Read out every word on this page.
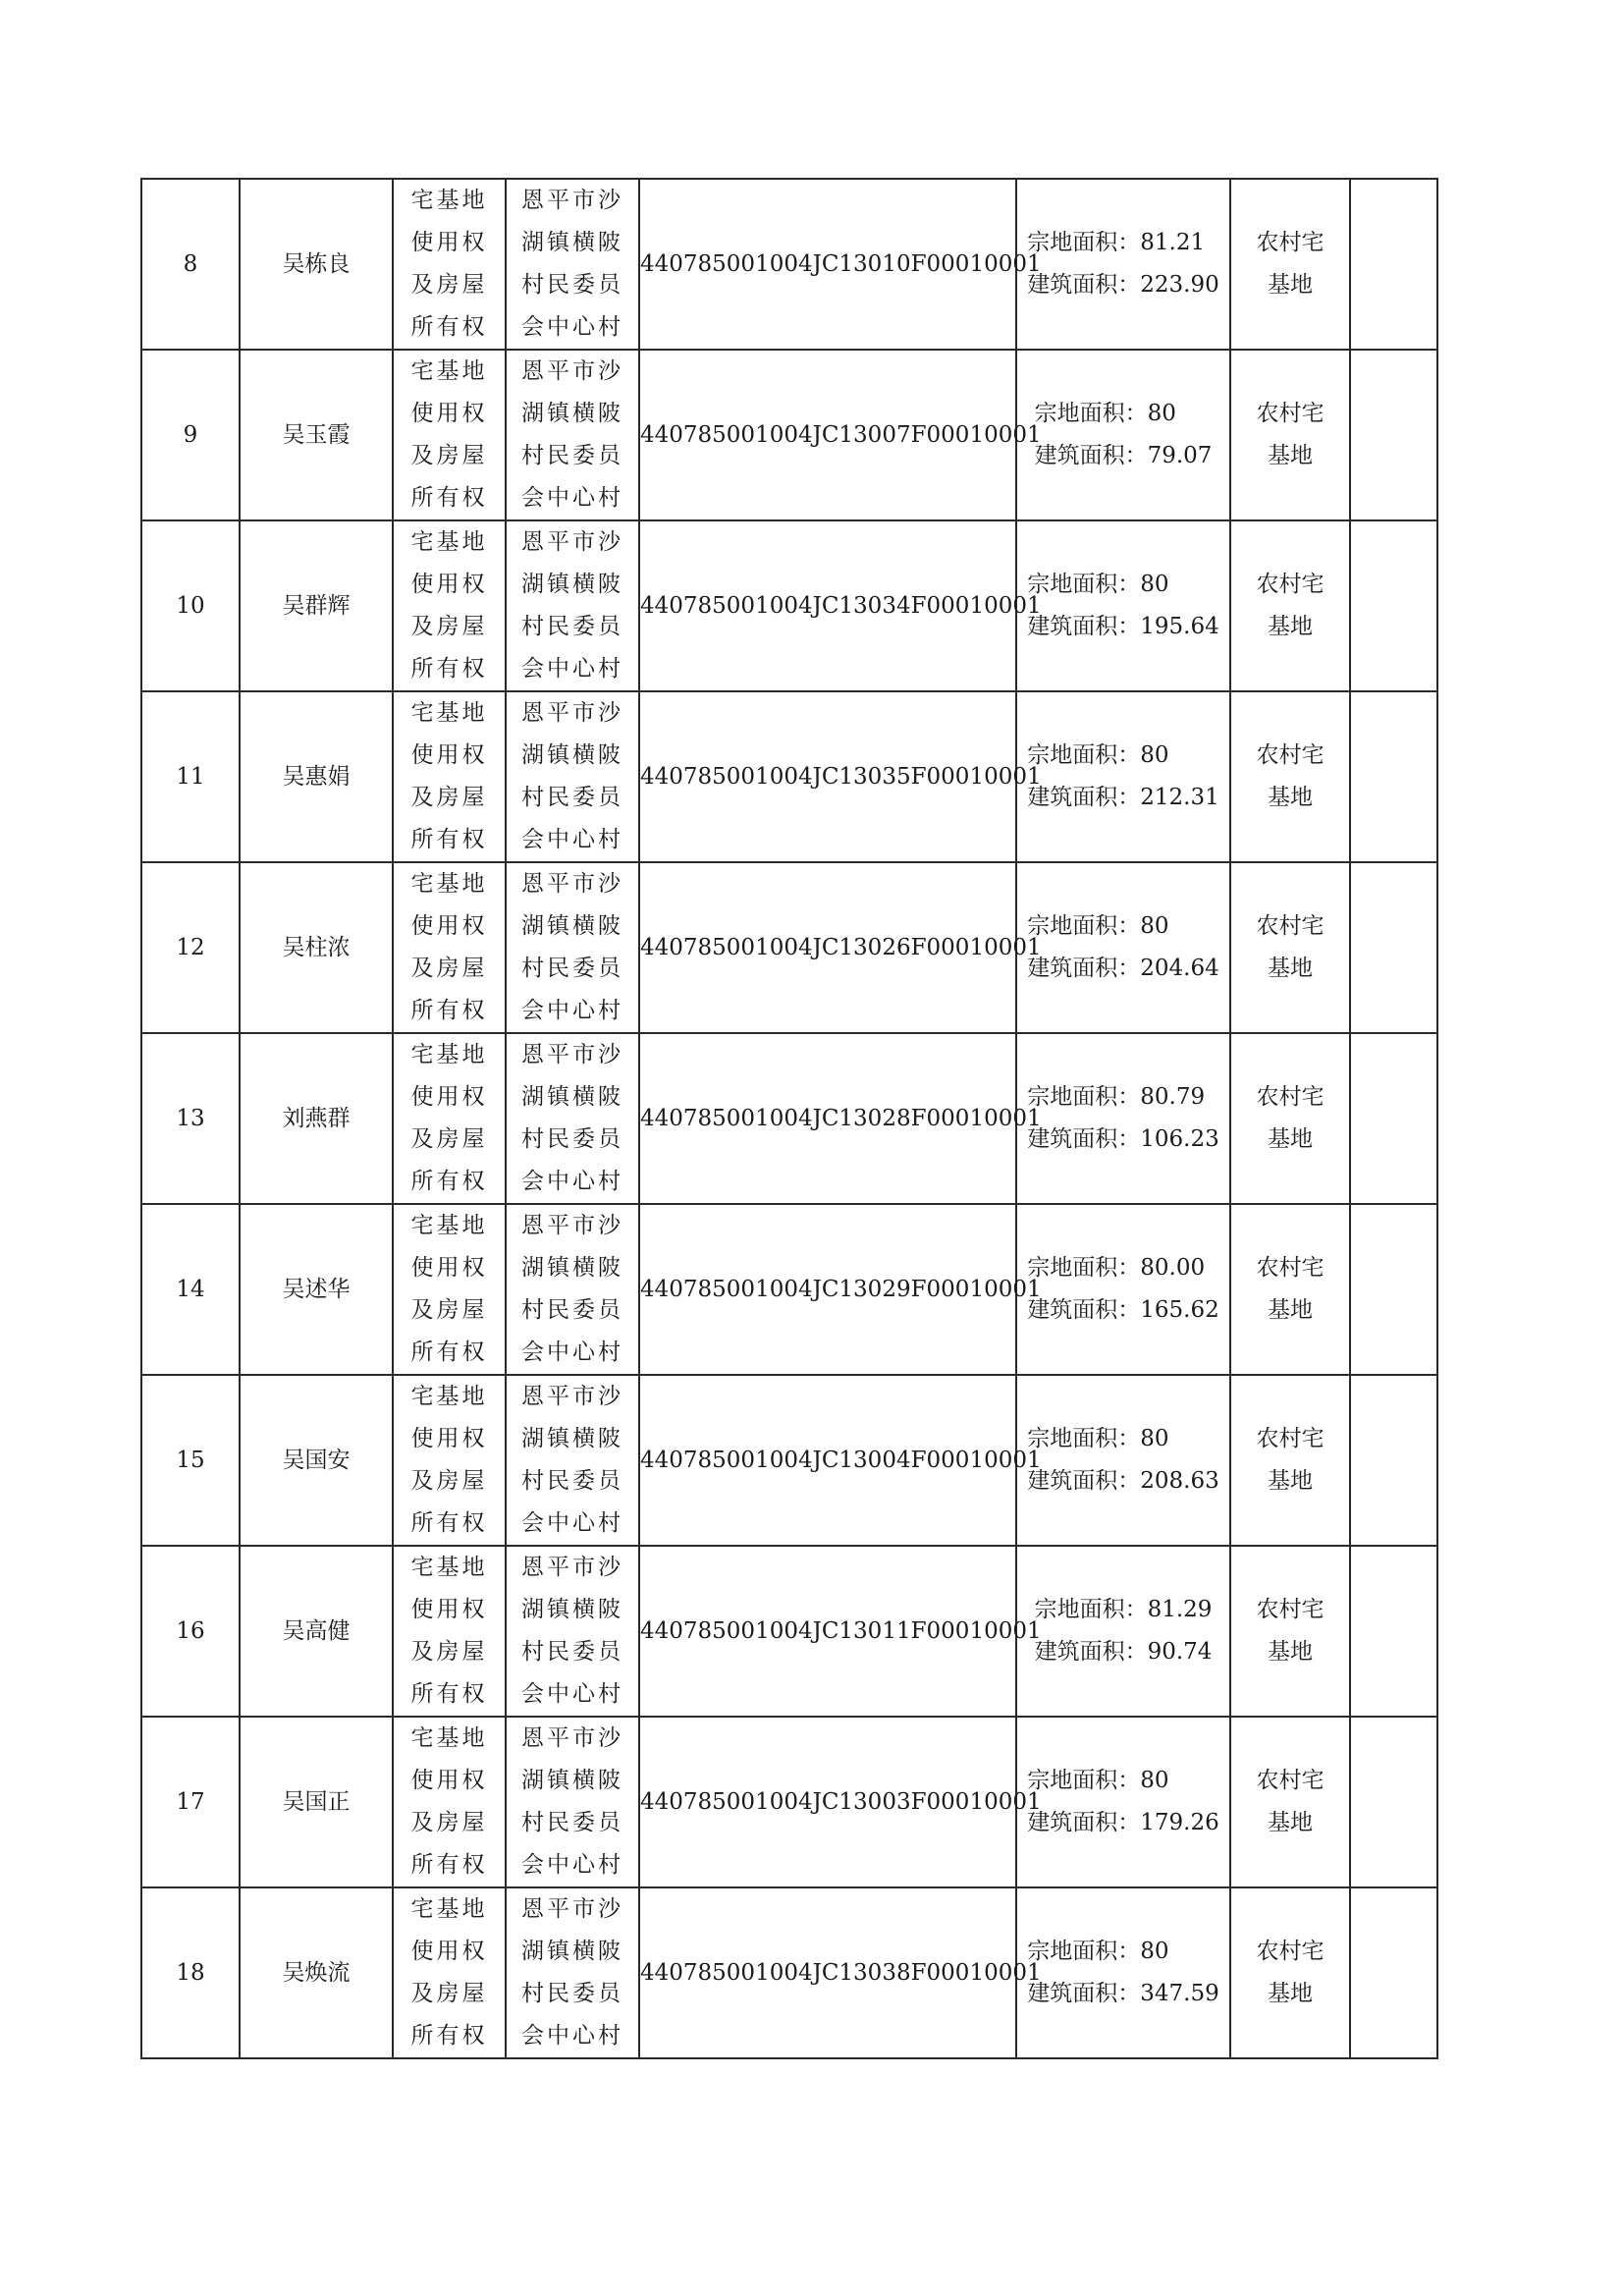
8	吴栋良	宅基地
使用权
及房屋
所有权	恩平市沙
湖镇横陂
村民委员
会中心村	440785001004JC13010F00010001	宗地面积：81.21
建筑面积：223.90	农村宅
基地	

9	吴玉霞	宅基地
使用权
及房屋
所有权	恩平市沙
湖镇横陂
村民委员
会中心村	440785001004JC13007F00010001	宗地面积：80
建筑面积：79.07	农村宅
基地	

10	吴群辉	宅基地
使用权
及房屋
所有权	恩平市沙
湖镇横陂
村民委员
会中心村	440785001004JC13034F00010001	宗地面积：80
建筑面积：195.64	农村宅
基地	

11	吴惠娟	宅基地
使用权
及房屋
所有权	恩平市沙
湖镇横陂
村民委员
会中心村	440785001004JC13035F00010001	宗地面积：80
建筑面积：212.31	农村宅
基地	

12	吴柱浓	宅基地
使用权
及房屋
所有权	恩平市沙
湖镇横陂
村民委员
会中心村	440785001004JC13026F00010001	宗地面积：80
建筑面积：204.64	农村宅
基地	

13	刘燕群	宅基地
使用权
及房屋
所有权	恩平市沙
湖镇横陂
村民委员
会中心村	440785001004JC13028F00010001	宗地面积：80.79
建筑面积：106.23	农村宅
基地	

14	吴述华	宅基地
使用权
及房屋
所有权	恩平市沙
湖镇横陂
村民委员
会中心村	440785001004JC13029F00010001	宗地面积：80.00
建筑面积：165.62	农村宅
基地	

15	吴国安	宅基地
使用权
及房屋
所有权	恩平市沙
湖镇横陂
村民委员
会中心村	440785001004JC13004F00010001	宗地面积：80
建筑面积：208.63	农村宅
基地	

16	吴高健	宅基地
使用权
及房屋
所有权	恩平市沙
湖镇横陂
村民委员
会中心村	440785001004JC13011F00010001	宗地面积：81.29
建筑面积：90.74	农村宅
基地	

17	吴国正	宅基地
使用权
及房屋
所有权	恩平市沙
湖镇横陂
村民委员
会中心村	440785001004JC13003F00010001	宗地面积：80
建筑面积：179.26	农村宅
基地	

18	吴焕流	宅基地
使用权
及房屋
所有权	恩平市沙
湖镇横陂
村民委员
会中心村	440785001004JC13038F00010001	宗地面积：80
建筑面积：347.59	农村宅
基地	
